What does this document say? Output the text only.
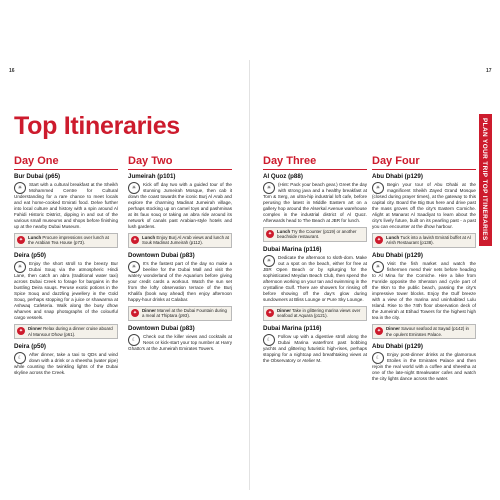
16	17
Top Itineraries	PLAN YOUR TRIP TOP ITINERARIES
Day One
Bur Dubai (p65)
☀
Start with a cultural breakfast at the Sheikh Mohammed Centre for Cultural Understanding for a rare chance to meet locals and eat home-cooked Emirati food. Delve further into local culture and history with a spin around Al Fahidi Historic District, dipping in and out of the various small museums and shops before finishing up at the nearby Dubai Museum.
✦	Lunch Procure impressions over lunch at the Arabian Tea House (p73).
Deira (p50)
☀
Enjoy the short stroll to the breezy Bur Dubai Souq via the atmospheric Hindi Lane, then catch an abra (traditional water taxi) across Dubai Creek to forage for bargains in the bustling Deira souqs. Peruse exotic potions in the Spice Souq and dazzling jewellery in the Gold Souq, perhaps stopping for a juice or shawarma at Ashwaq Cafeteria. Walk along the busy dhow wharves and snap photographs of the colourful cargo vessels.
✦	Dinner Relax during a dinner cruise aboard Al Mansour Dhow (p61).
Deira (p50)
☾
After dinner, take a taxi to QDs and wind down with a drink or a sheesha (water pipe) while counting the twinkling lights of the Dubai skyline across the Creek.
Day Two
Jumeirah (p101)
☀
Kick off day two with a guided tour of the stunning Jumeirah Mosque, then cab it down the coast towards the iconic Burj Al Arab and explore the charming Madinat Jumeirah village, perhaps stocking up on camel toys and pashminas at its faux souq or taking an abra ride around its network of canals past Arabian-style hotels and lush gardens.
✦	Lunch Enjoy Burj Al Arab views and lunch at Souk Madinat Jumeirah (p112).
Downtown Dubai (p83)
☀
It's the fastest part of the day so make a beeline for the Dubai Mall and visit the watery wonderland of the Aquarium before giving your credit cards a workout. Watch the sun set from the lofty observation terrace of the Burj Khalifa (book way ahead) then enjoy afternoon happy-hour drinks at Calabar.
✦	Dinner Marvel at the Dubai Fountain during a meal at Thiptara (p93).
Downtown Dubai (p83)
☾
Check out the killer views and cocktails at Neos or kick-start your top number at Harry Ghatto's at the Jumeirah Emirates Towers.
Day Three
Al Quoz (p88)
☀
(Hint: Pack your beach gear.) Greet the day with strong java and a healthy breakfast at Tom & Serg, an ultra-hip industrial loft cafe, before perusing the latest in Middle Eastern art on a gallery hop around the Alserkal Avenue warehouse complex in the industrial district of Al Quoz. Afterwards head to The Beach at JBR for lunch.
✦	Lunch Try the Counter (p119) or another beachside restaurant.
Dubai Marina (p116)
☀
Dedicate the afternoon to sloth-dom. Make out a spot on the beach, either for free at JBR Open Beach or by splurging for the sophisticated Meydan Beach Club, then spend the afternoon working on your tan and swimming in the crystalline Gulf. There are showers for rinsing off before showing off the day's glow during sundowners at Bliss Lounge or Pure Sky Lounge.
✦	Dinner Take in glittering marina views over seafood at Aquara (p121).
Dubai Marina (p116)
☾
Follow up with a digestive stroll along the Dubai Marina waterfront past bobbing yachts and glittering futuristic high-rises, perhaps stopping for a nightcap and breathtaking views at the Observatory or Atelier M.
Day Four
Abu Dhabi (p129)
☀
Begin your tour of Abu Dhabi at the magnificent Sheikh Zayed Grand Mosque (closed during prayer times), at the gateway to this capital city. Board the Big Bus here and drive past the mass groves off the city's Eastern Corniche. Alight at Manarat Al Saadiyat to learn about the city's lively future, built on its pearling past - a past you can encounter at the dhow harbour.
✦	Lunch Tuck into a lavish Emirati buffet at Al Arish Restaurant (p138).
Abu Dhabi (p129)
☀
Visit the fish market and watch the fishermen mend their nets before heading to Al Mina for the Corniche. Hire a bike from Funride opposite the Sheraton and cycle part of the 8km to the public beach, passing the city's impressive tower blocks. Enjoy the Gulf breeze with a view of the marina and uninhabited Lulu Island. Rise to the 74th floor observation deck of the Jumeirah at Etihad Towers for the highest high tea in the city.
✦	Dinner Savour seafood at Sayad (p142) in the opulent Emirates Palace.
Abu Dhabi (p129)
☾
Enjoy post-dinner drinks at the glamorous Etoiles in the Emirates Palace and then rejoin the real world with a coffee and sheesha at one of the late-night Breakwater cafes and watch the city lights dance across the water.
